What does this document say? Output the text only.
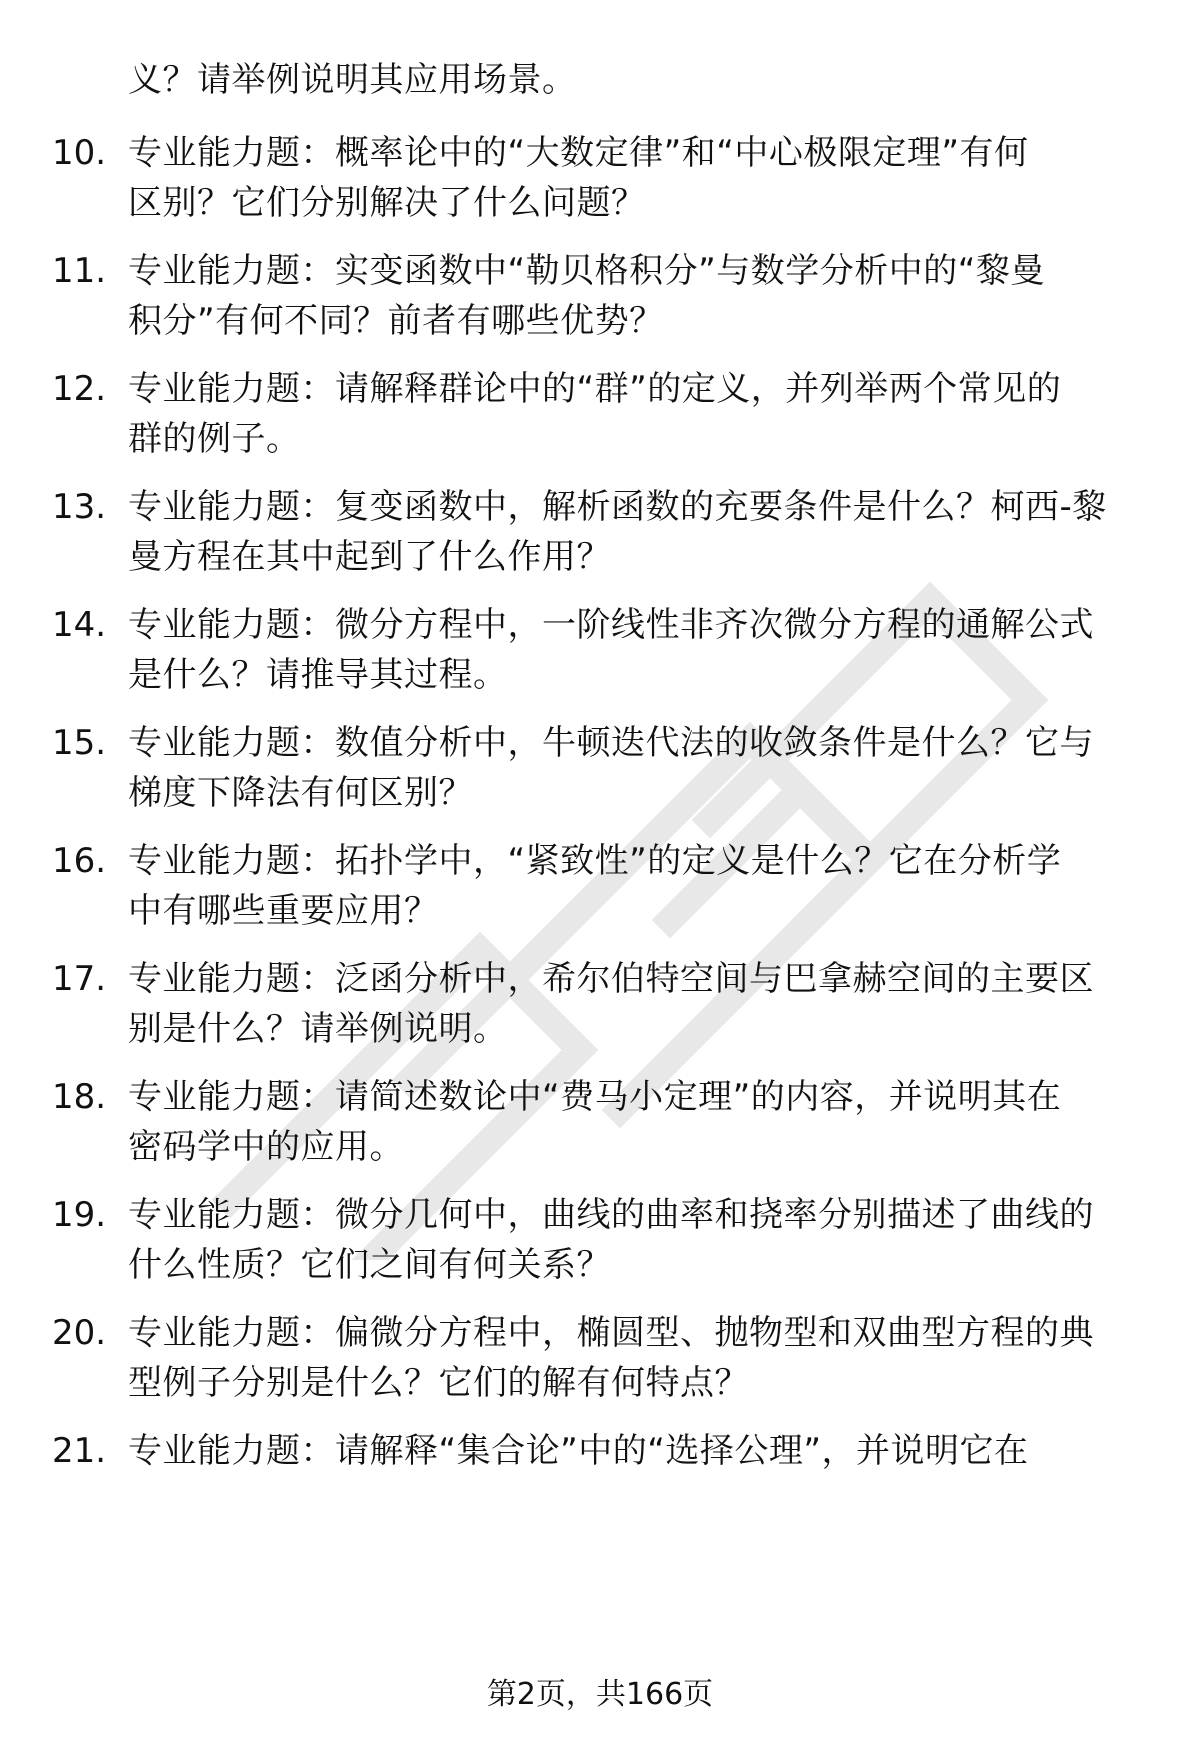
义？请举例说明其应用场景。
10. 专业能力题：概率论中的“大数定律”和“中心极限定理”有何
区别？它们分别解决了什么问题？
11. 专业能力题：实变函数中“勒贝格积分”与数学分析中的“黎曼
积分”有何不同？前者有哪些优势？
12. 专业能力题：请解释群论中的“群”的定义，并列举两个常见的
群的例子。
13. 专业能力题：复变函数中，解析函数的充要条件是什么？柯西-黎
曼方程在其中起到了什么作用？
14. 专业能力题：微分方程中，一阶线性非齐次微分方程的通解公式
是什么？请推导其过程。
15. 专业能力题：数值分析中，牛顿迭代法的收敛条件是什么？它与
梯度下降法有何区别？
16. 专业能力题：拓扑学中，“紧致性”的定义是什么？它在分析学
中有哪些重要应用？
17. 专业能力题：泛函分析中，希尔伯特空间与巴拿赫空间的主要区
别是什么？请举例说明。
18. 专业能力题：请简述数论中“费马小定理”的内容，并说明其在
密码学中的应用。
19. 专业能力题：微分几何中，曲线的曲率和挠率分别描述了曲线的
什么性质？它们之间有何关系？
20. 专业能力题：偏微分方程中，椭圆型、抛物型和双曲型方程的典
型例子分别是什么？它们的解有何特点？
21. 专业能力题：请解释“集合论”中的“选择公理”，并说明它在
第2页，共166页
